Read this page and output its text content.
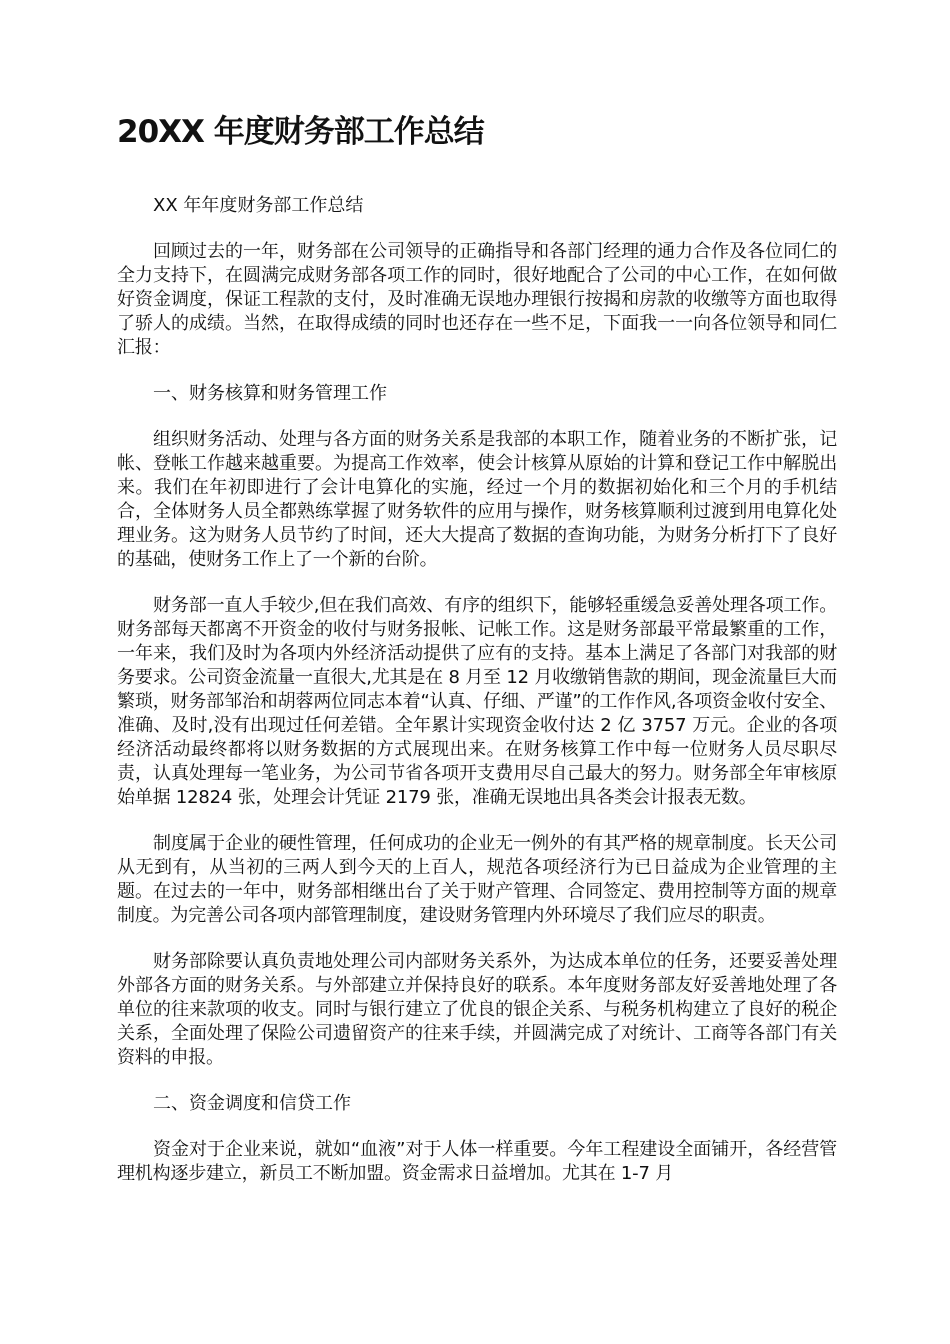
20XX 年度财务部工作总结

XX 年年度财务部工作总结

回顾过去的一年，财务部在公司领导的正确指导和各部门经理的通力合作及各位同仁的全力支持下，在圆满完成财务部各项工作的同时，很好地配合了公司的中心工作，在如何做好资金调度，保证工程款的支付，及时准确无误地办理银行按揭和房款的收缴等方面也取得了骄人的成绩。当然，在取得成绩的同时也还存在一些不足，下面我一一向各位领导和同仁汇报：

一、财务核算和财务管理工作

组织财务活动、处理与各方面的财务关系是我部的本职工作，随着业务的不断扩张，记帐、登帐工作越来越重要。为提高工作效率，使会计核算从原始的计算和登记工作中解脱出来。我们在年初即进行了会计电算化的实施，经过一个月的数据初始化和三个月的手机结合，全体财务人员全都熟练掌握了财务软件的应用与操作，财务核算顺利过渡到用电算化处理业务。这为财务人员节约了时间，还大大提高了数据的查询功能，为财务分析打下了良好的基础，使财务工作上了一个新的台阶。

财务部一直人手较少,但在我们高效、有序的组织下，能够轻重缓急妥善处理各项工作。财务部每天都离不开资金的收付与财务报帐、记帐工作。这是财务部最平常最繁重的工作，一年来，我们及时为各项内外经济活动提供了应有的支持。基本上满足了各部门对我部的财务要求。公司资金流量一直很大,尤其是在 8 月至 12 月收缴销售款的期间，现金流量巨大而繁琐，财务部邹治和胡蓉两位同志本着“认真、仔细、严谨”的工作作风,各项资金收付安全、准确、及时,没有出现过任何差错。全年累计实现资金收付达 2 亿 3757 万元。企业的各项经济活动最终都将以财务数据的方式展现出来。在财务核算工作中每一位财务人员尽职尽责，认真处理每一笔业务，为公司节省各项开支费用尽自己最大的努力。财务部全年审核原始单据 12824 张，处理会计凭证 2179 张，准确无误地出具各类会计报表无数。

制度属于企业的硬性管理，任何成功的企业无一例外的有其严格的规章制度。长天公司从无到有，从当初的三两人到今天的上百人，规范各项经济行为已日益成为企业管理的主题。在过去的一年中，财务部相继出台了关于财产管理、合同签定、费用控制等方面的规章制度。为完善公司各项内部管理制度，建设财务管理内外环境尽了我们应尽的职责。

财务部除要认真负责地处理公司内部财务关系外，为达成本单位的任务，还要妥善处理外部各方面的财务关系。与外部建立并保持良好的联系。本年度财务部友好妥善地处理了各单位的往来款项的收支。同时与银行建立了优良的银企关系、与税务机构建立了良好的税企关系，全面处理了保险公司遗留资产的往来手续，并圆满完成了对统计、工商等各部门有关资料的申报。

二、资金调度和信贷工作

资金对于企业来说，就如“血液”对于人体一样重要。今年工程建设全面铺开，各经营管理机构逐步建立，新员工不断加盟。资金需求日益增加。尤其在 1-7 月
